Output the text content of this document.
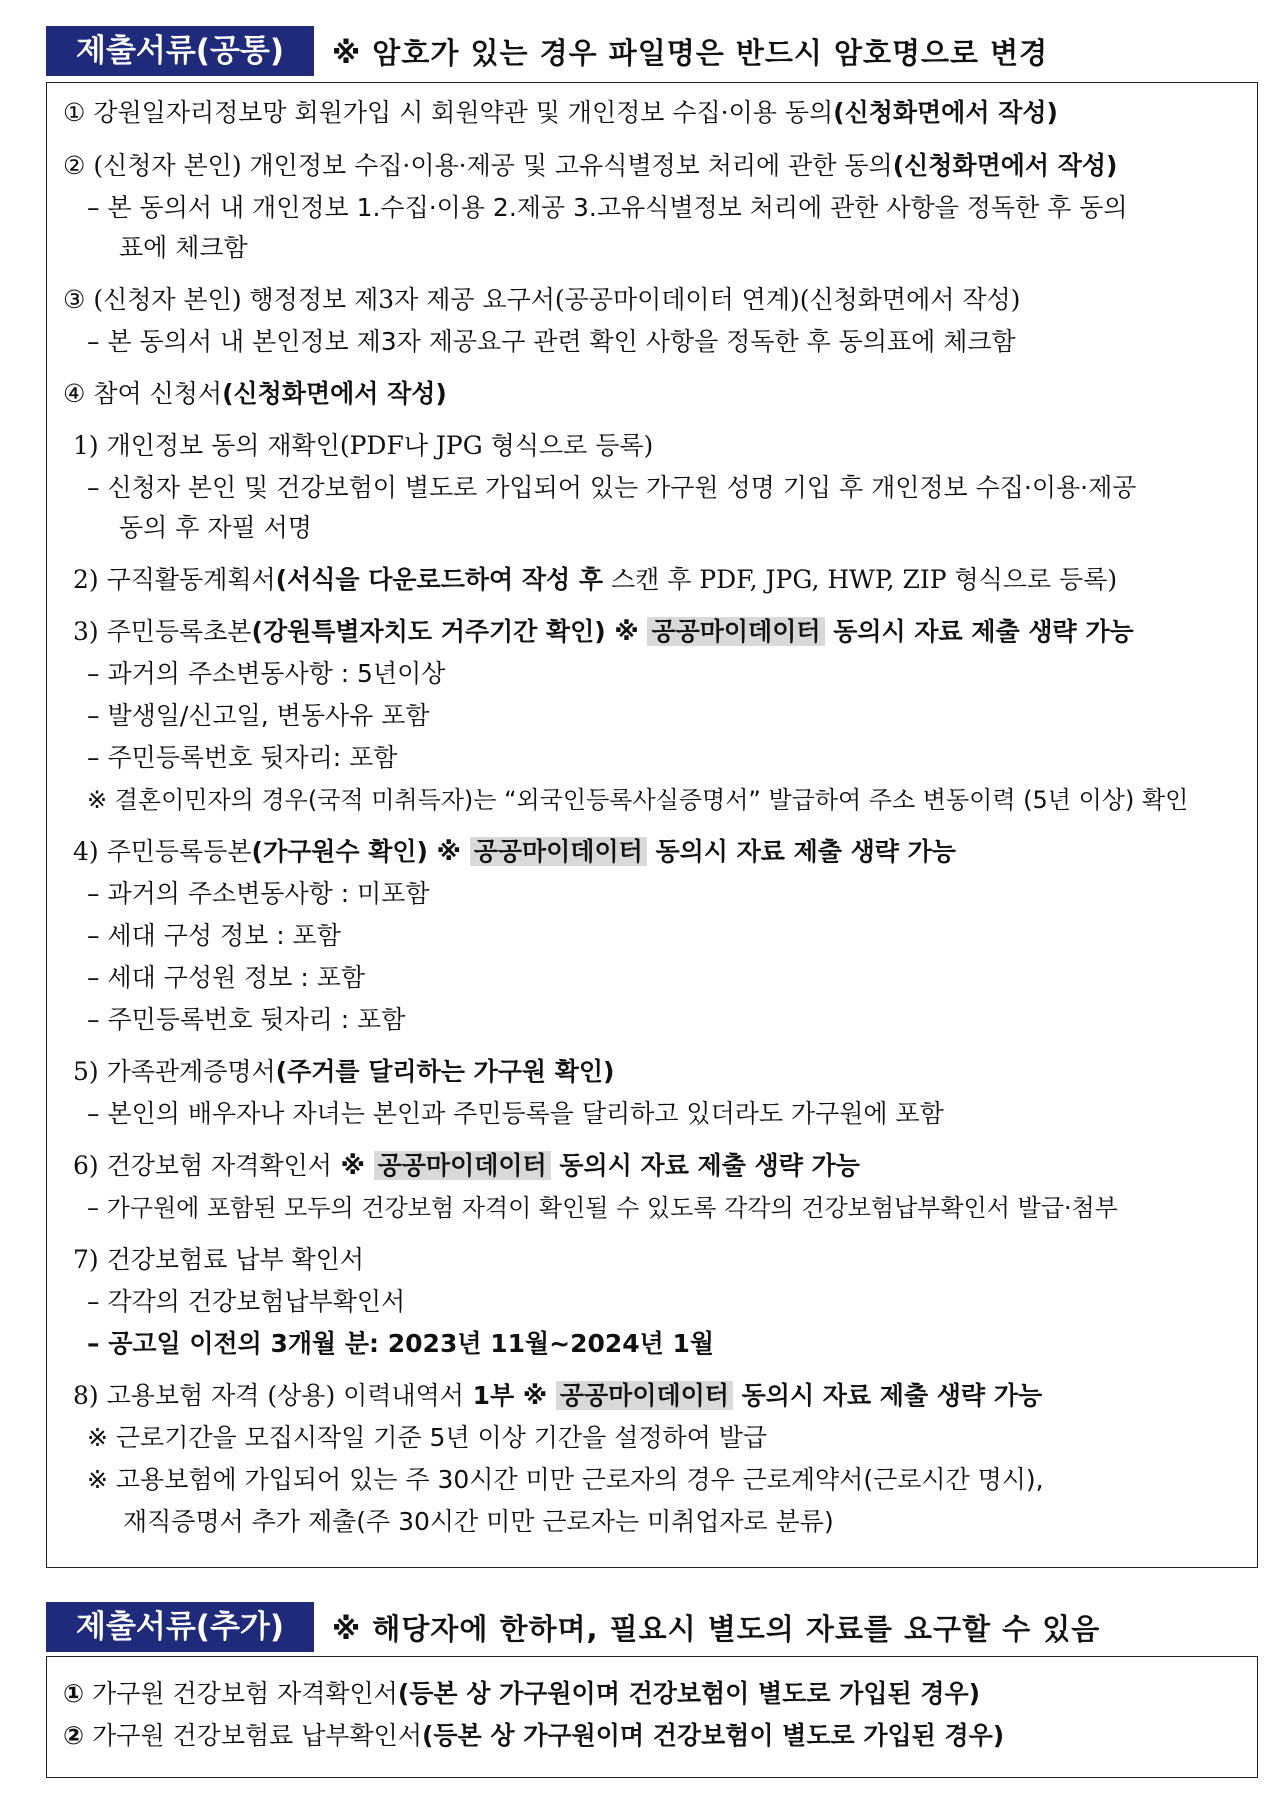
제출서류(공통)	※ 암호가 있는 경우 파일명은 반드시 암호명으로 변경
① 강원일자리정보망 회원가입 시 회원약관 및 개인정보 수집·이용 동의(신청화면에서 작성)
② (신청자 본인) 개인정보 수집·이용·제공 및 고유식별정보 처리에 관한 동의(신청화면에서 작성)
– 본 동의서 내 개인정보 1.수집·이용 2.제공 3.고유식별정보 처리에 관한 사항을 정독한 후 동의
표에 체크함
③ (신청자 본인) 행정정보 제3자 제공 요구서(공공마이데이터 연계)(신청화면에서 작성)
– 본 동의서 내 본인정보 제3자 제공요구 관련 확인 사항을 정독한 후 동의표에 체크함
④ 참여 신청서(신청화면에서 작성)
1) 개인정보 동의 재확인(PDF나 JPG 형식으로 등록)
– 신청자 본인 및 건강보험이 별도로 가입되어 있는 가구원 성명 기입 후 개인정보 수집·이용·제공
동의 후 자필 서명
2) 구직활동계획서(서식을 다운로드하여 작성 후 스캔 후 PDF, JPG, HWP, ZIP 형식으로 등록)
3) 주민등록초본(강원특별자치도 거주기간 확인) ※ 공공마이데이터 동의시 자료 제출 생략 가능
– 과거의 주소변동사항 : 5년이상
– 발생일/신고일, 변동사유 포함
– 주민등록번호 뒷자리: 포함
※ 결혼이민자의 경우(국적 미취득자)는 “외국인등록사실증명서” 발급하여 주소 변동이력 (5년 이상) 확인
4) 주민등록등본(가구원수 확인) ※ 공공마이데이터 동의시 자료 제출 생략 가능
– 과거의 주소변동사항 : 미포함
– 세대 구성 정보 : 포함
– 세대 구성원 정보 : 포함
– 주민등록번호 뒷자리 : 포함
5) 가족관계증명서(주거를 달리하는 가구원 확인)
– 본인의 배우자나 자녀는 본인과 주민등록을 달리하고 있더라도 가구원에 포함
6) 건강보험 자격확인서 ※ 공공마이데이터 동의시 자료 제출 생략 가능
– 가구원에 포함된 모두의 건강보험 자격이 확인될 수 있도록 각각의 건강보험납부확인서 발급·첨부
7) 건강보험료 납부 확인서
– 각각의 건강보험납부확인서
– 공고일 이전의 3개월 분: 2023년 11월~2024년 1월
8) 고용보험 자격 (상용) 이력내역서 1부 ※ 공공마이데이터 동의시 자료 제출 생략 가능
※ 근로기간을 모집시작일 기준 5년 이상 기간을 설정하여 발급
※ 고용보험에 가입되어 있는 주 30시간 미만 근로자의 경우 근로계약서(근로시간 명시),
재직증명서 추가 제출(주 30시간 미만 근로자는 미취업자로 분류)
제출서류(추가)	※ 해당자에 한하며, 필요시 별도의 자료를 요구할 수 있음
① 가구원 건강보험 자격확인서(등본 상 가구원이며 건강보험이 별도로 가입된 경우)
② 가구원 건강보험료 납부확인서(등본 상 가구원이며 건강보험이 별도로 가입된 경우)
